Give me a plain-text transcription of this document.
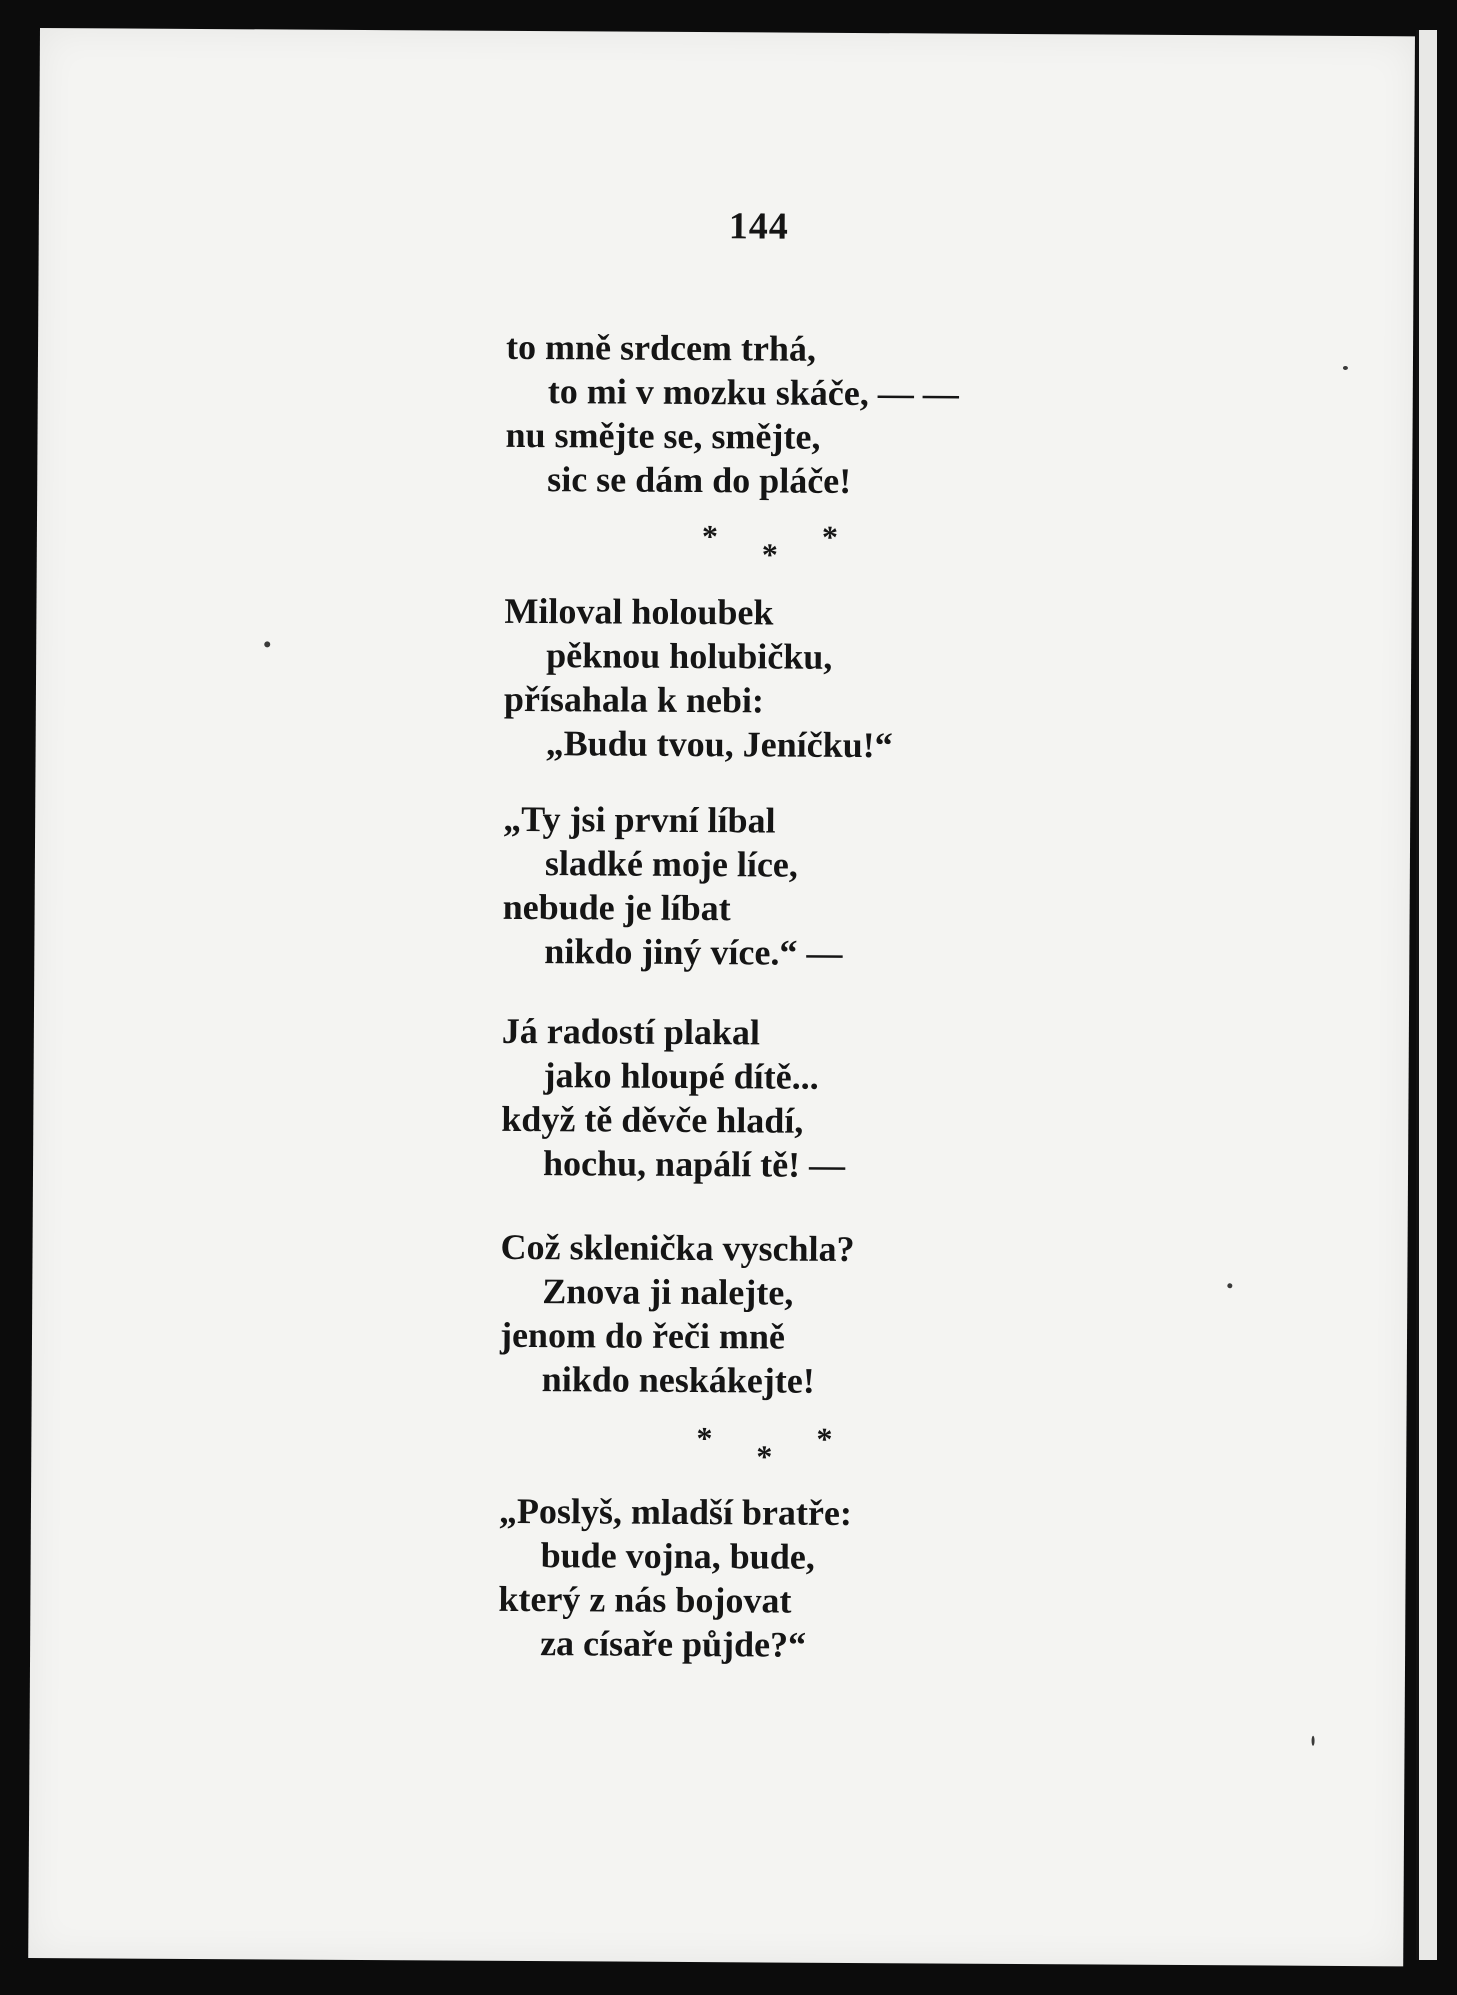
144
to mně srdcem trhá,
to mi v mozku skáče, — —
nu smějte se, smějte,
sic se dám do pláče!
*
* *
Miloval holoubek
pěknou holubičku,
přísahala k nebi:
„Budu tvou, Jeníčku!“
„Ty jsi první líbal
sladké moje líce,
nebude je líbat
nikdo jiný více.“ —
Já radostí plakal
jako hloupé dítě...
když tě děvče hladí,
hochu, napálí tě! —
Což sklenička vyschla?
Znova ji nalejte,
jenom do řeči mně
nikdo neskákejte!
*
* *
„Poslyš, mladší bratře:
bude vojna, bude,
který z nás bojovat
za císaře půjde?“
